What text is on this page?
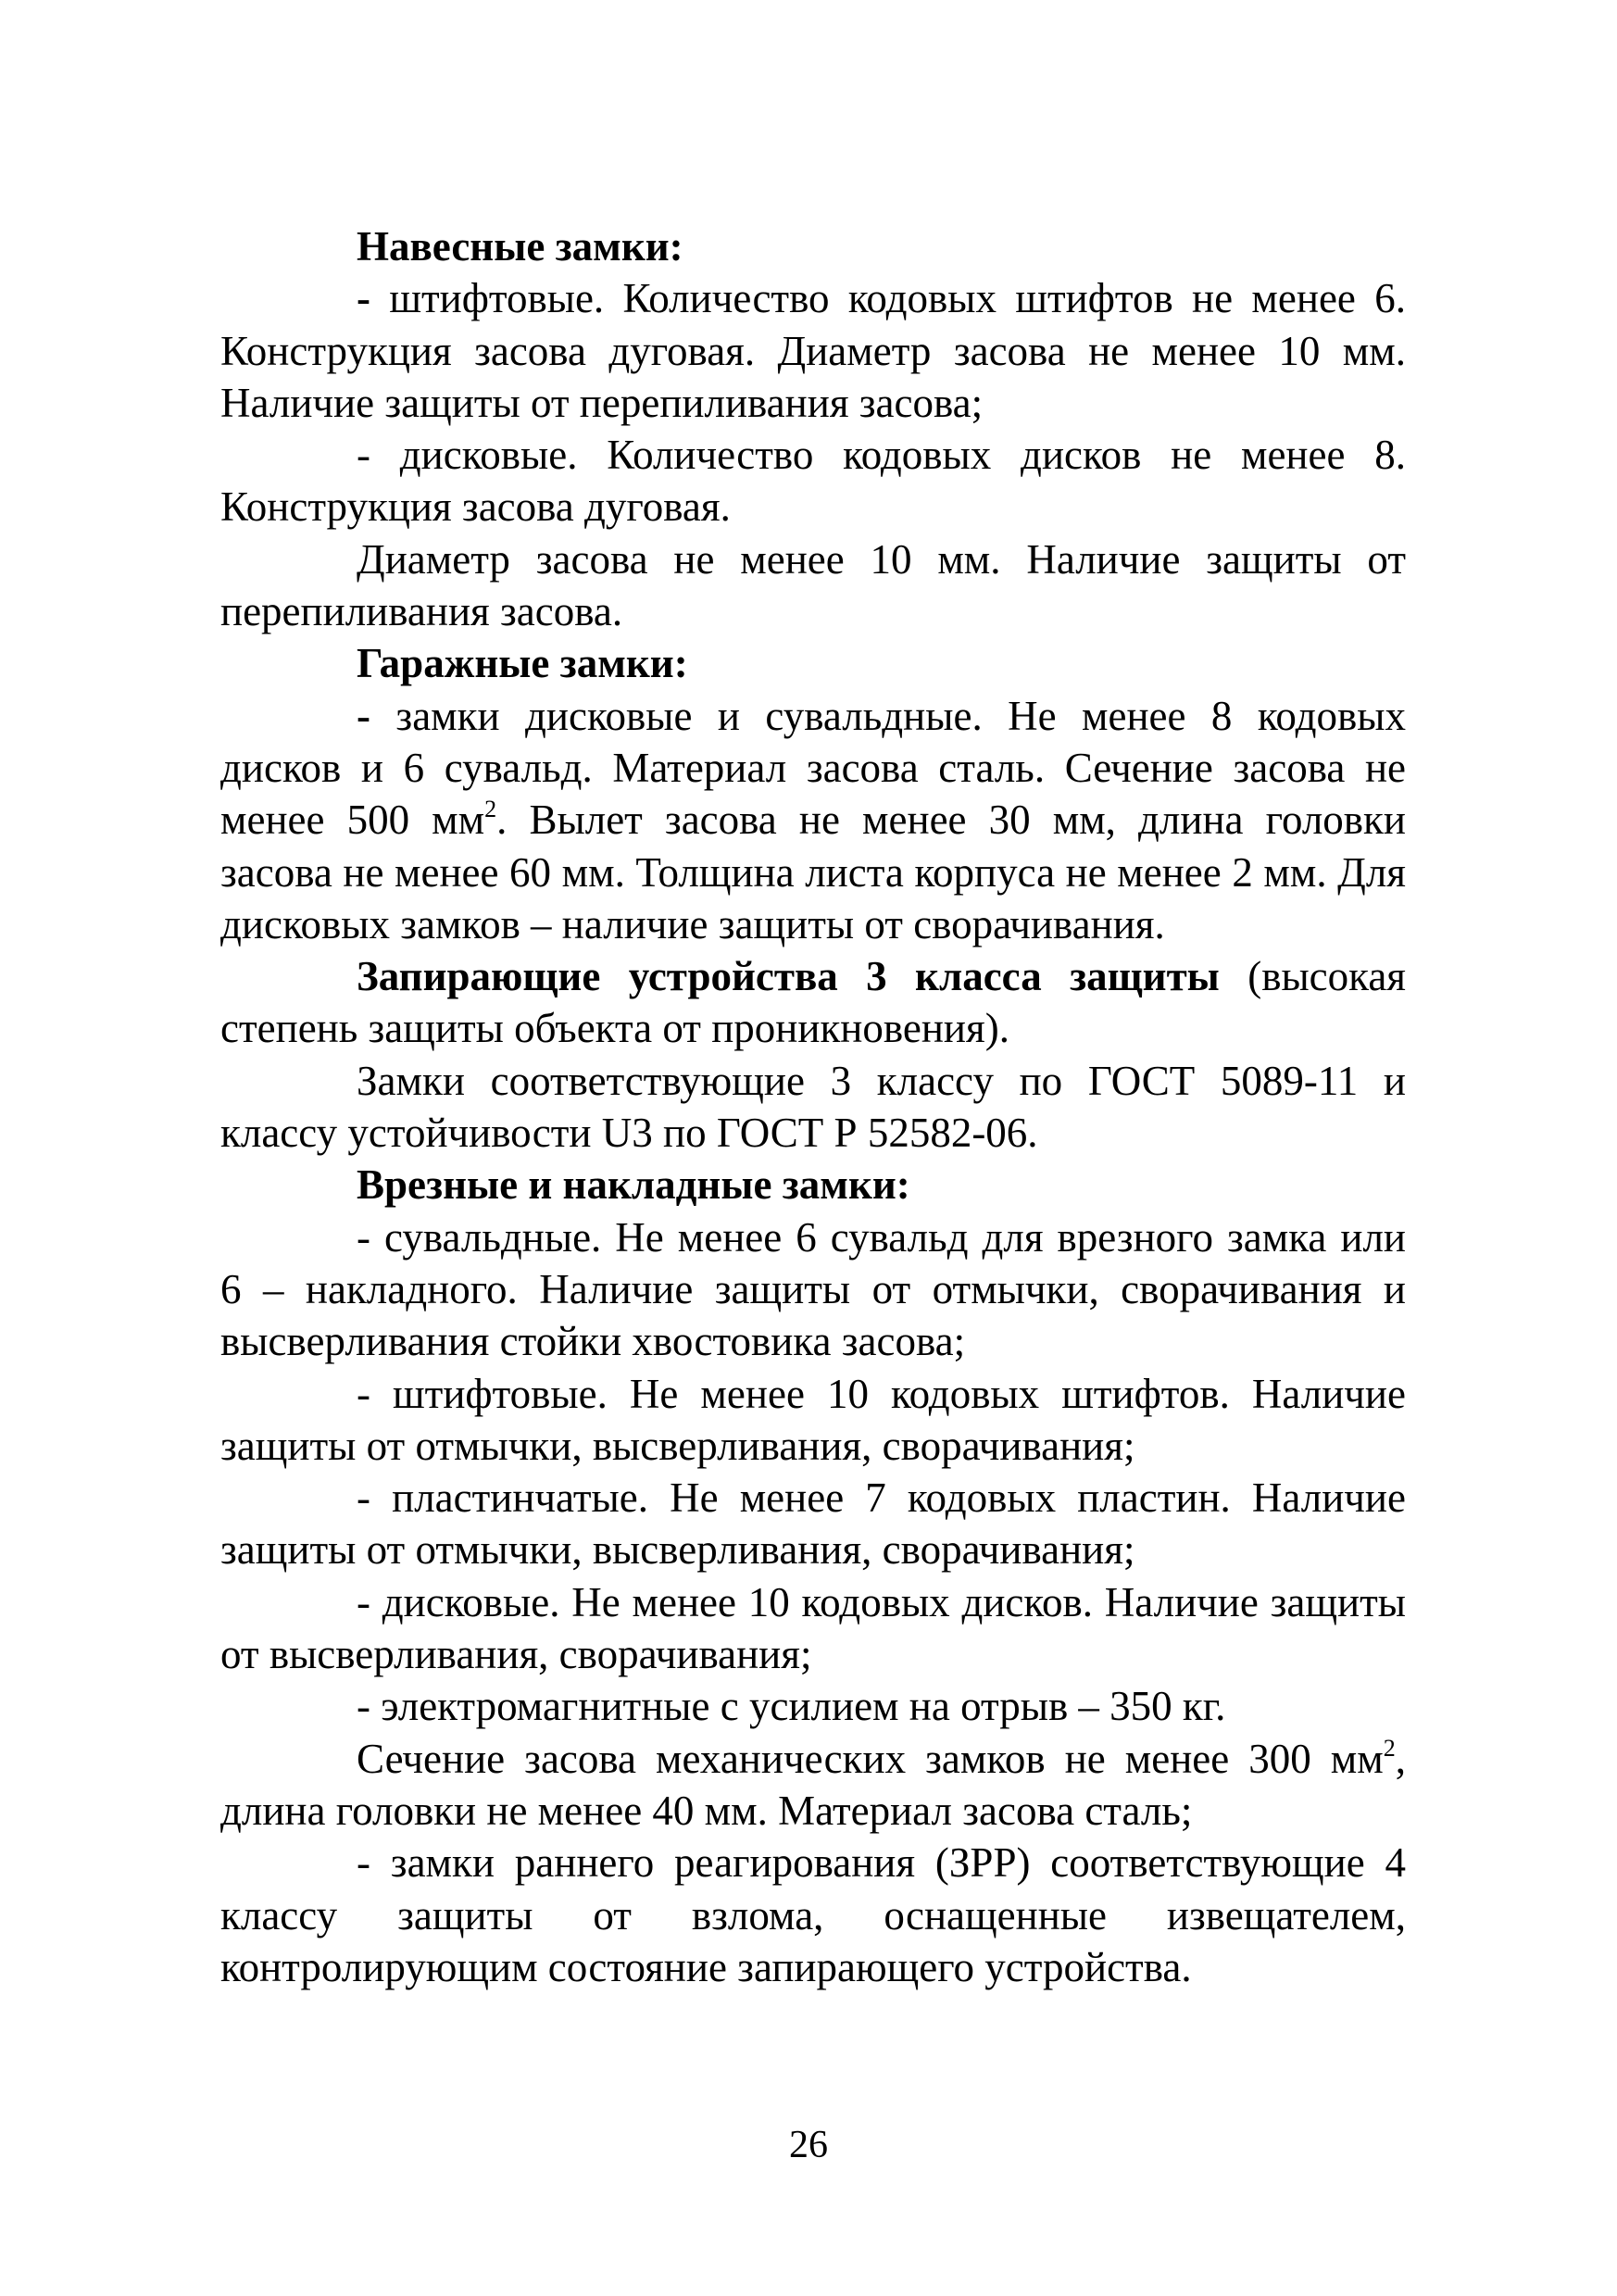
Навесные замки:

- штифтовые. Количество кодовых штифтов не менее 6. Конструкция засова дуговая. Диаметр засова не менее 10 мм. Наличие защиты от перепиливания засова;

- дисковые. Количество кодовых дисков не менее 8. Конструкция засова дуговая.

Диаметр засова не менее 10 мм. Наличие защиты от перепиливания засова.

Гаражные замки:

- замки дисковые и сувальдные. Не менее 8 кодовых дисков и 6 сувальд. Материал засова сталь. Сечение засова не менее 500 $мм^2$. Вылет засова не менее 30 мм, длина головки засова не менее 60 мм. Толщина листа корпуса не менее 2 мм. Для дисковых замков – наличие защиты от сворачивания.

Запирающие устройства 3 класса защиты (высокая степень защиты объекта от проникновения).

Замки соответствующие 3 классу по ГОСТ 5089-11 и классу устойчивости U3 по ГОСТ Р 52582-06.

Врезные и накладные замки:

- сувальдные. Не менее 6 сувальд для врезного замка или 6 – накладного. Наличие защиты от отмычки, сворачивания и высверливания стойки хвостовика засова;

- штифтовые. Не менее 10 кодовых штифтов. Наличие защиты от отмычки, высверливания, сворачивания;

- пластинчатые. Не менее 7 кодовых пластин. Наличие защиты от отмычки, высверливания, сворачивания;

- дисковые. Не менее 10 кодовых дисков. Наличие защиты от высверливания, сворачивания;

- электромагнитные с усилием на отрыв – 350 кг.

Сечение засова механических замков не менее 300 $мм^2$, длина головки не менее 40 мм. Материал засова сталь;

- замки раннего реагирования (ЗРР) соответствующие 4 классу защиты от взлома, оснащенные извещателем, контролирующим состояние запирающего устройства.

26
